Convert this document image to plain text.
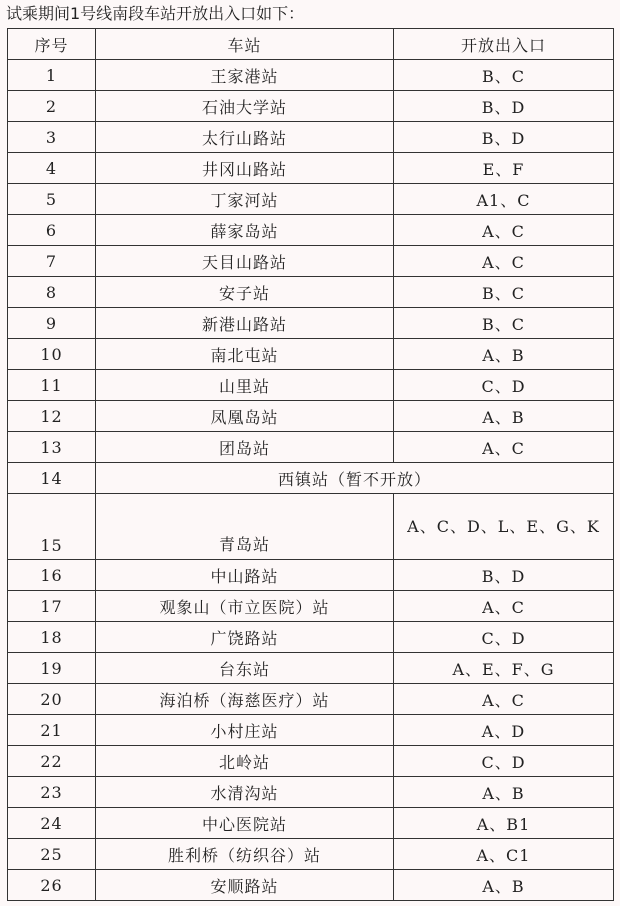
试乘期间1号线南段车站开放出入口如下：
序号	车站	开放出入口
1	王家港站	B、C
2	石油大学站	B、D
3	太行山路站	B、D
4	井冈山路站	E、F
5	丁家河站	A1、C
6	薛家岛站	A、C
7	天目山路站	A、C
8	安子站	B、C
9	新港山路站	B、C
10	南北屯站	A、B
11	山里站	C、D
12	凤凰岛站	A、B
13	团岛站	A、C
14	西镇站（暂不开放）	
15	青岛站	A、C、D、L、E、G、K
16	中山路站	B、D
17	观象山（市立医院）站	A、C
18	广饶路站	C、D
19	台东站	A、E、F、G
20	海泊桥（海慈医疗）站	A、C
21	小村庄站	A、D
22	北岭站	C、D
23	水清沟站	A、B
24	中心医院站	A、B1
25	胜利桥（纺织谷）站	A、C1
26	安顺路站	A、B
